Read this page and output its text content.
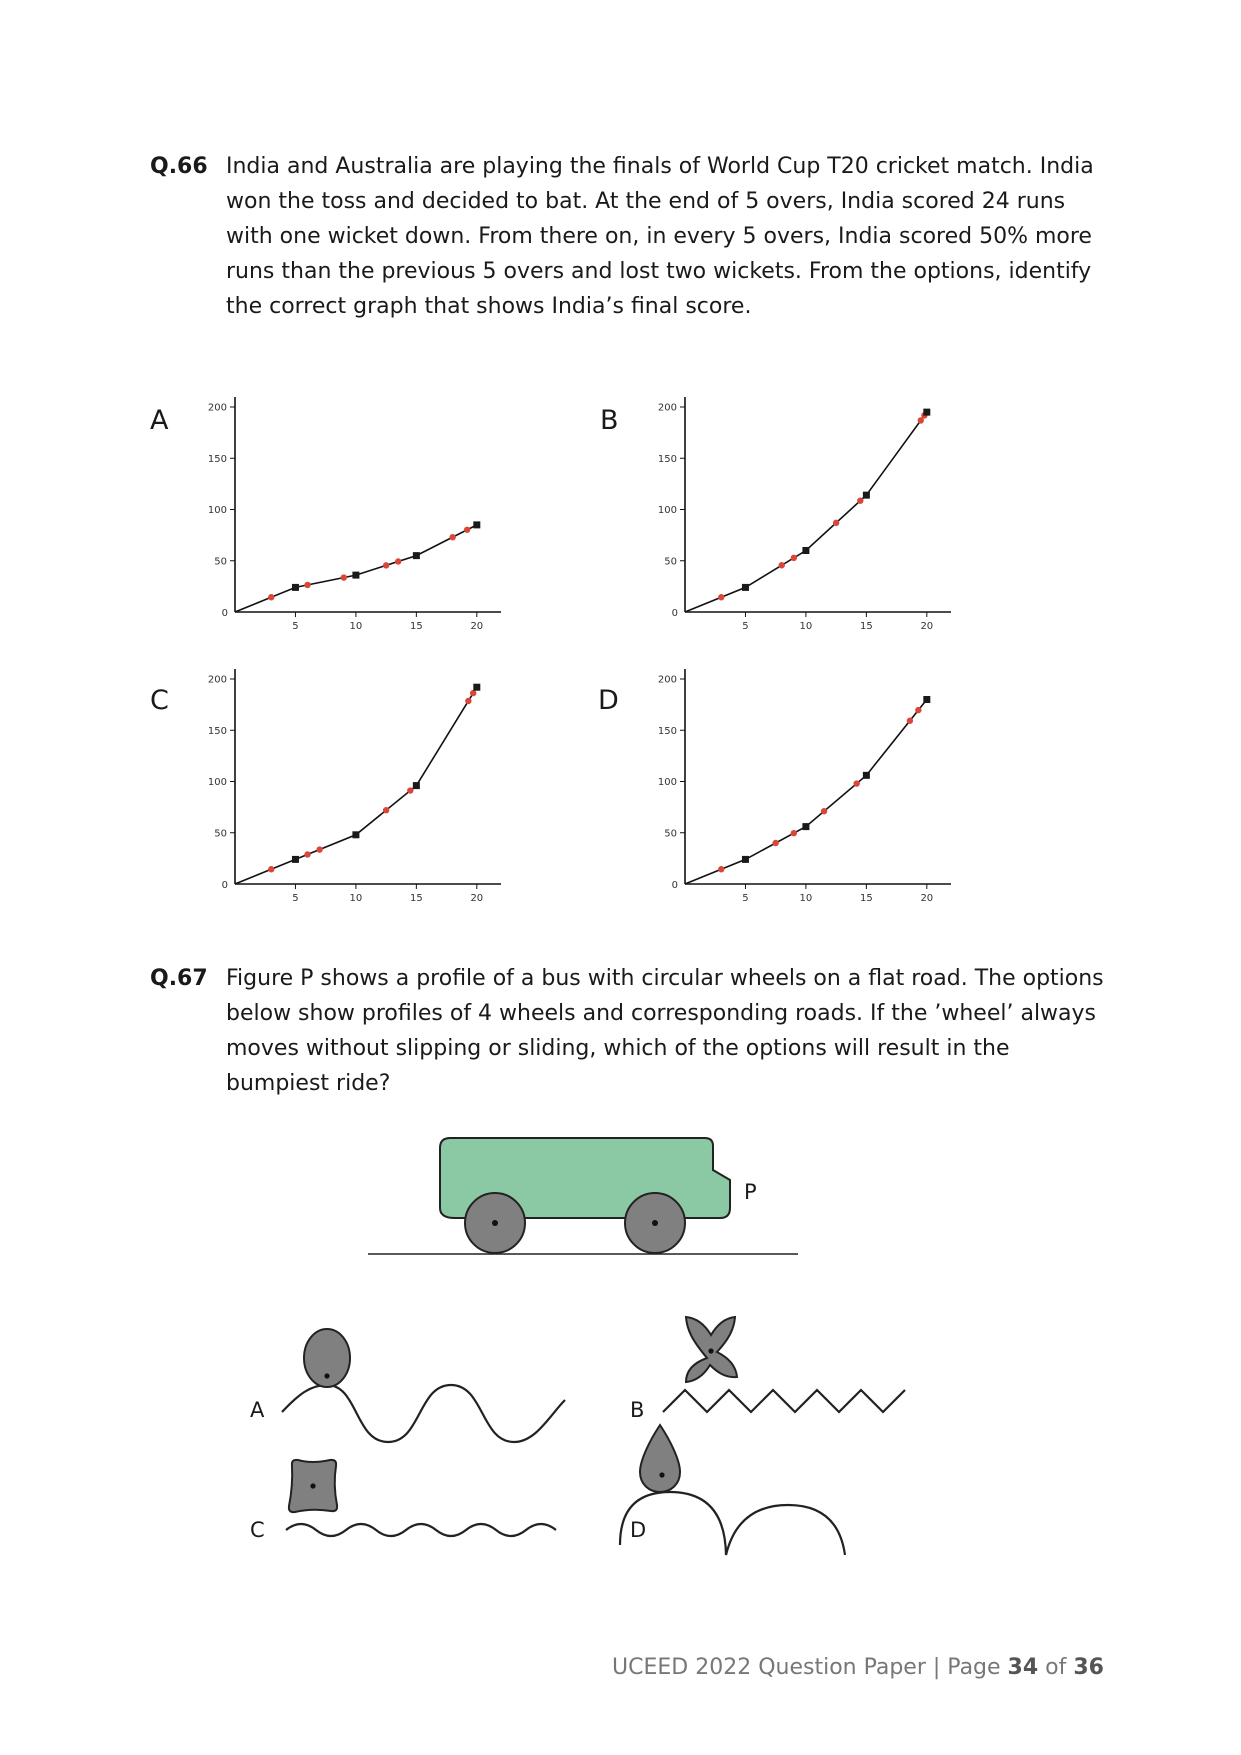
Q.66 India and Australia are playing the finals of World Cup T20 cricket match. India won the toss and decided to bat. At the end of 5 overs, India scored 24 runs with one wicket down. From there on, in every 5 overs, India scored 50% more runs than the previous 5 overs and lost two wickets. From the options, identify the correct graph that shows India’s final score.
A
0
50
100
150
200
5	10	15	20
B
0
50
100
150
200
5	10	15	20
C
0
50
100
150
200
5	10	15	20
D
0
50
100
150
200
5	10	15	20
Q.67 Figure P shows a profile of a bus with circular wheels on a flat road. The options below show profiles of 4 wheels and corresponding roads. If the ’wheel’ always moves without slipping or sliding, which of the options will result in the bumpiest ride?
P
A	B
C	D
UCEED 2022 Question Paper | Page 34 of 36
